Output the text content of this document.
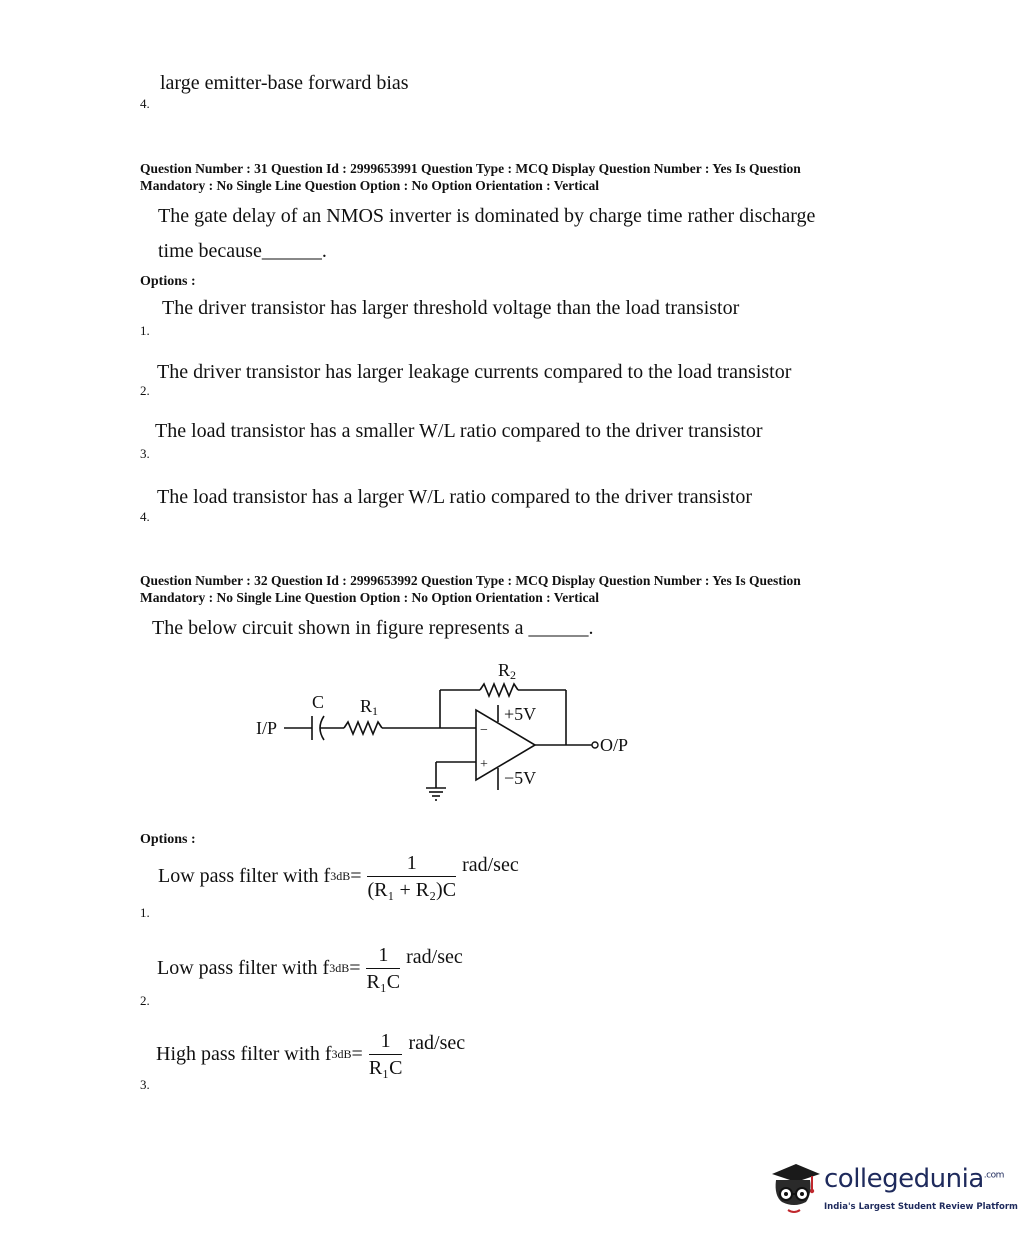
large emitter-base forward bias
4.
Question Number : 31 Question Id : 2999653991 Question Type : MCQ Display Question Number : Yes Is Question
Mandatory : No Single Line Question Option : No Option Orientation : Vertical
The gate delay of an NMOS inverter is dominated by charge time rather discharge
time because______.
Options :
The driver transistor has larger threshold voltage than the load transistor
1.
The driver transistor has larger leakage currents compared to the load transistor
2.
The load transistor has a smaller W/L ratio compared to the driver transistor
3.
The load transistor has a larger W/L ratio compared to the driver transistor
4.
Question Number : 32 Question Id : 2999653992 Question Type : MCQ Display Question Number : Yes Is Question
Mandatory : No Single Line Question Option : No Option Orientation : Vertical
The below circuit shown in figure represents a ______.
I/P
C R1
R2
+5V
−5V
O/P
−
+
Options :
Low pass filter with f $3dB = \frac{1}{\text{(R₁ + R₂)C}} rad/\sec$
1.
Low pass filter with f $3dB = \frac{1}{\text{R₁C}} rad/\sec$
2.
High pass filter with f $3dB = \frac{1}{\text{R₁C}} rad/\sec$
3.
collegedunia$^{.com}$
India's Largest Student Review Platform
